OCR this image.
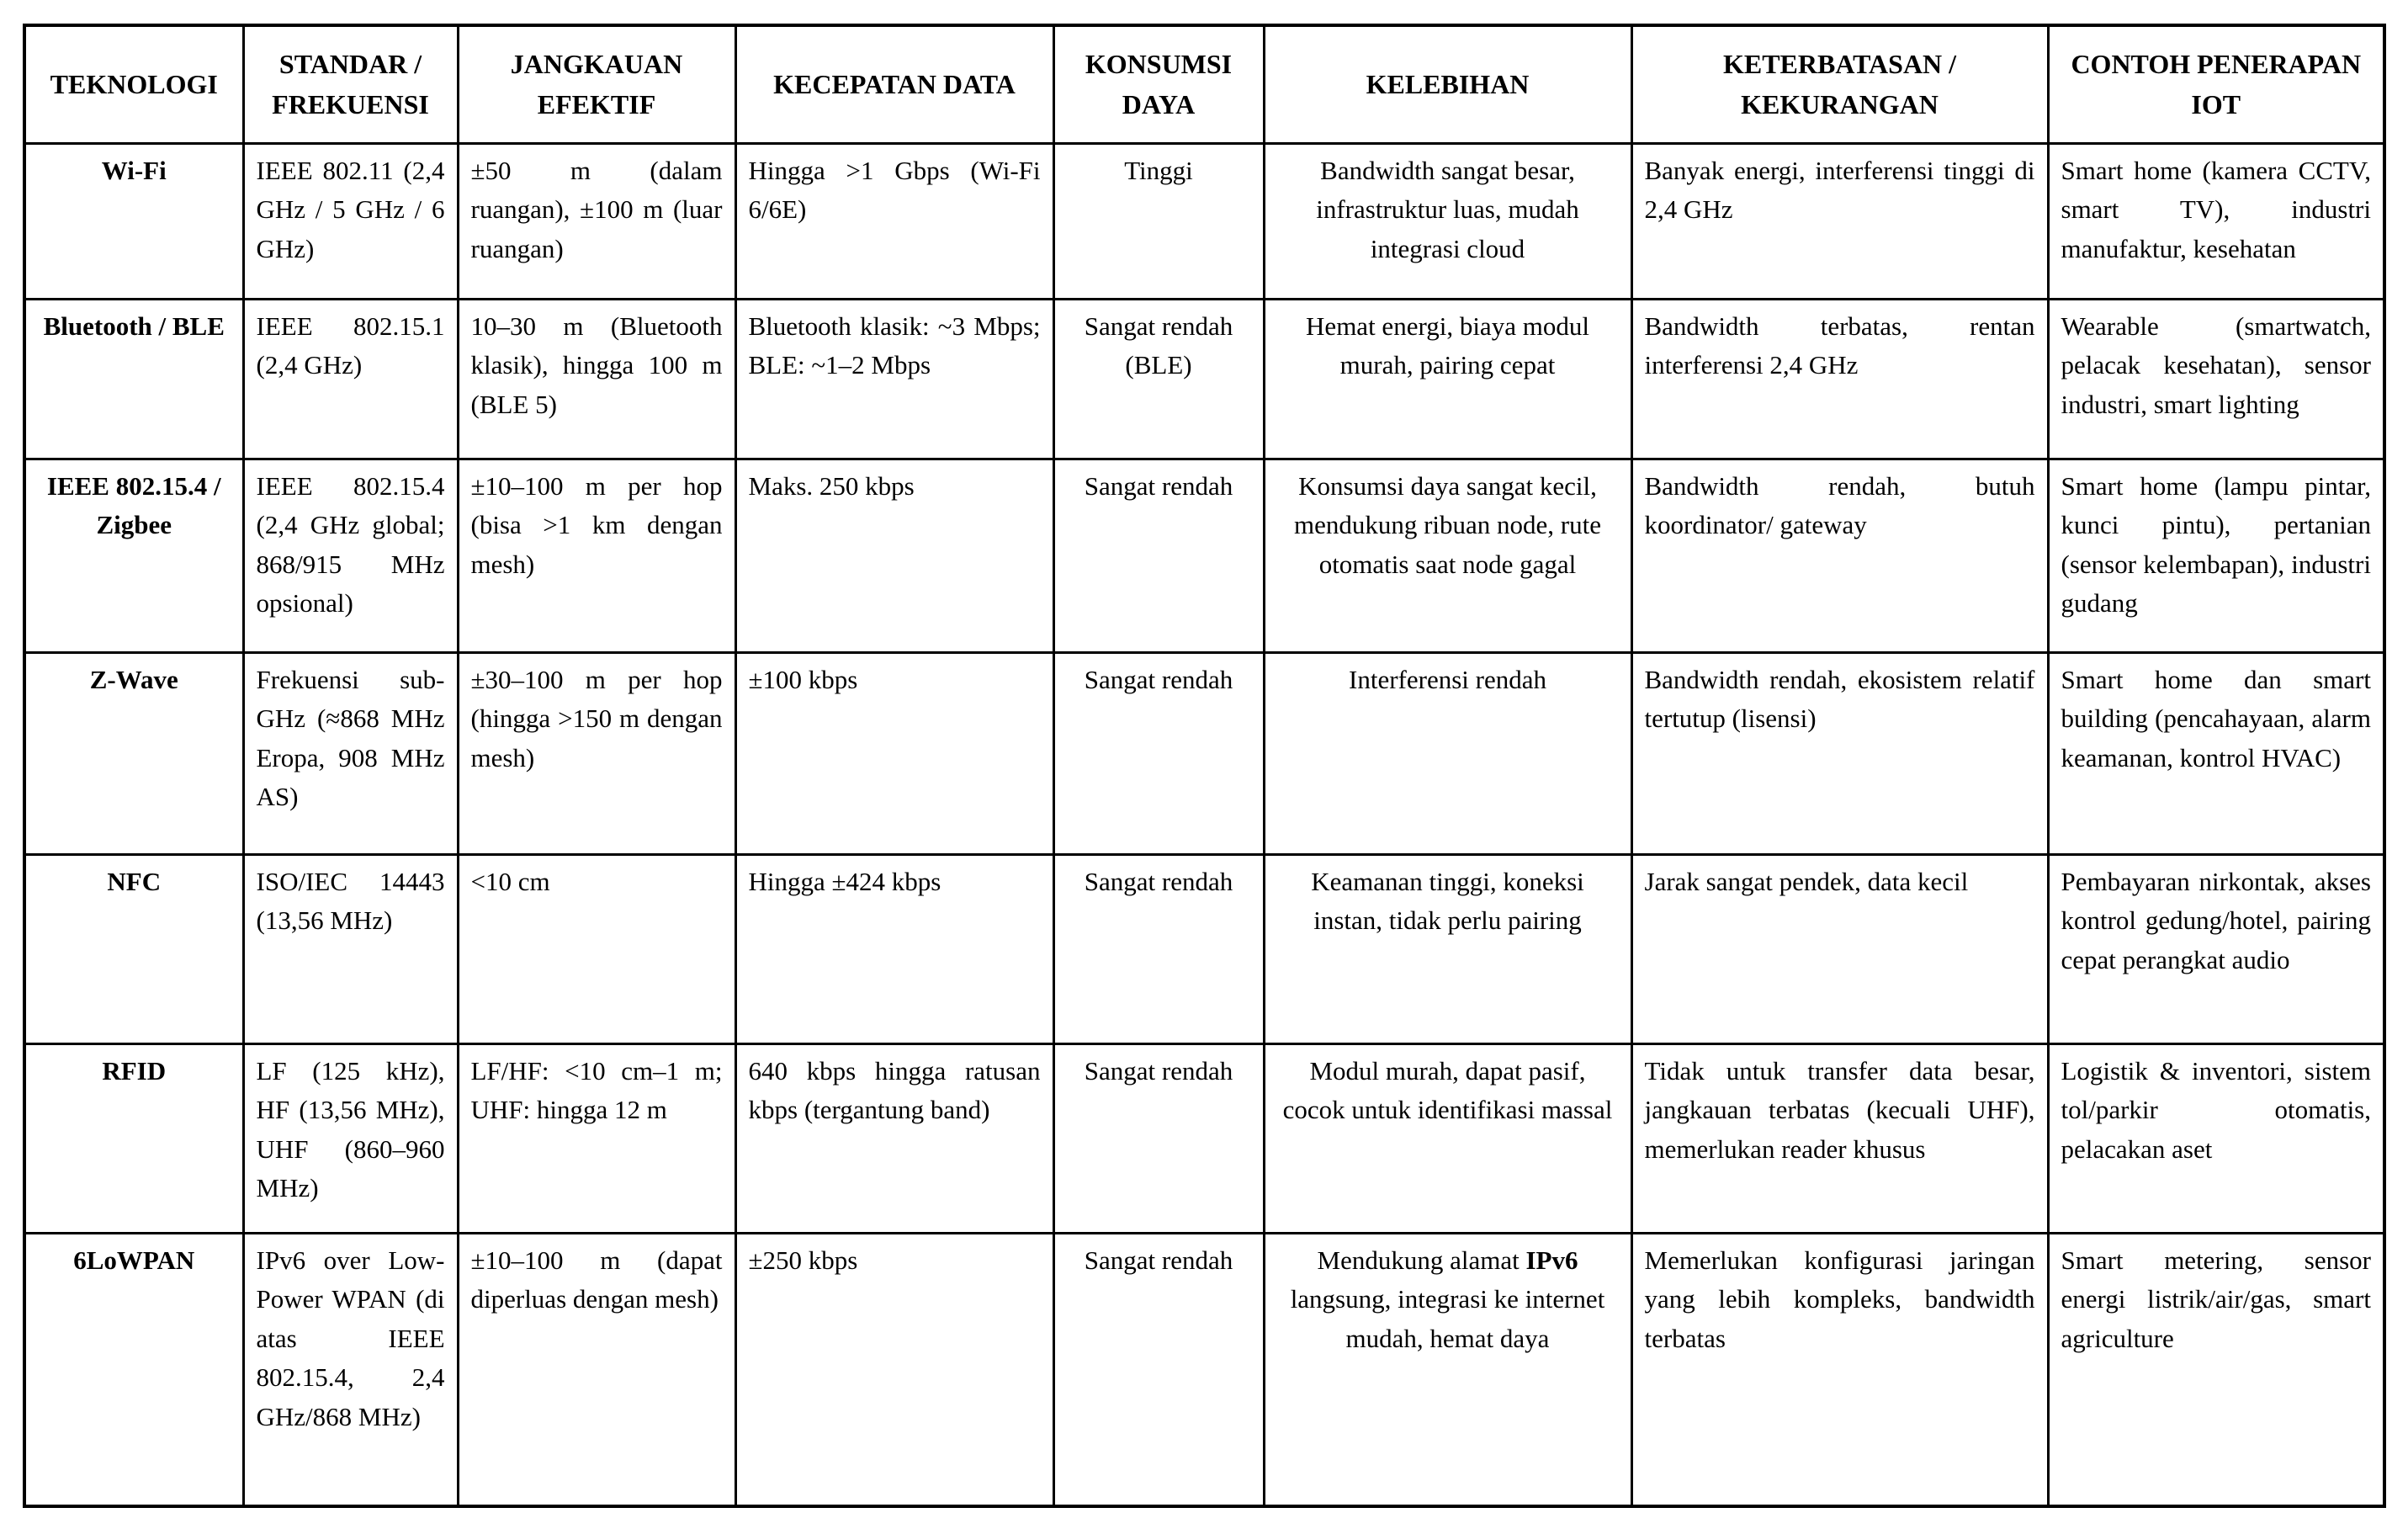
TEKNOLOGI	STANDAR / FREKUENSI	JANGKAUAN EFEKTIF	KECEPATAN DATA	KONSUMSI DAYA	KELEBIHAN	KETERBATASAN / KEKURANGAN	CONTOH PENERAPAN IOT
Wi-Fi	IEEE 802.11 (2,4 GHz / 5 GHz / 6 GHz)	±50 m (dalam ruangan), ±100 m (luar ruangan)	Hingga >1 Gbps (Wi-Fi 6/6E)	Tinggi	Bandwidth sangat besar, infrastruktur luas, mudah integrasi cloud	Banyak energi, interferensi tinggi di 2,4 GHz	Smart home (kamera CCTV, smart TV), industri manufaktur, kesehatan
Bluetooth / BLE	IEEE 802.15.1 (2,4 GHz)	10–30 m (Bluetooth klasik), hingga 100 m (BLE 5)	Bluetooth klasik: ~3 Mbps; BLE: ~1–2 Mbps	Sangat rendah (BLE)	Hemat energi, biaya modul murah, pairing cepat	Bandwidth terbatas, rentan interferensi 2,4 GHz	Wearable (smartwatch, pelacak kesehatan), sensor industri, smart lighting
IEEE 802.15.4 / Zigbee	IEEE 802.15.4 (2,4 GHz global; 868/915 MHz opsional)	±10–100 m per hop (bisa >1 km dengan mesh)	Maks. 250 kbps	Sangat rendah	Konsumsi daya sangat kecil, mendukung ribuan node, rute otomatis saat node gagal	Bandwidth rendah, butuh koordinator/ gateway	Smart home (lampu pintar, kunci pintu), pertanian (sensor kelembapan), industri gudang
Z-Wave	Frekuensi sub-GHz (≈868 MHz Eropa, 908 MHz AS)	±30–100 m per hop (hingga >150 m dengan mesh)	±100 kbps	Sangat rendah	Interferensi rendah	Bandwidth rendah, ekosistem relatif tertutup (lisensi)	Smart home dan smart building (pencahayaan, alarm keamanan, kontrol HVAC)
NFC	ISO/IEC 14443 (13,56 MHz)	<10 cm	Hingga ±424 kbps	Sangat rendah	Keamanan tinggi, koneksi instan, tidak perlu pairing	Jarak sangat pendek, data kecil	Pembayaran nirkontak, akses kontrol gedung/hotel, pairing cepat perangkat audio
RFID	LF (125 kHz), HF (13,56 MHz), UHF (860–960 MHz)	LF/HF: <10 cm–1 m; UHF: hingga 12 m	640 kbps hingga ratusan kbps (tergantung band)	Sangat rendah	Modul murah, dapat pasif, cocok untuk identifikasi massal	Tidak untuk transfer data besar, jangkauan terbatas (kecuali UHF), memerlukan reader khusus	Logistik & inventori, sistem tol/parkir otomatis, pelacakan aset
6LoWPAN	IPv6 over Low-Power WPAN (di atas IEEE 802.15.4, 2,4 GHz/868 MHz)	±10–100 m (dapat diperluas dengan mesh)	±250 kbps	Sangat rendah	Mendukung alamat IPv6 langsung, integrasi ke internet mudah, hemat daya	Memerlukan konfigurasi jaringan yang lebih kompleks, bandwidth terbatas	Smart metering, sensor energi listrik/air/gas, smart agriculture
